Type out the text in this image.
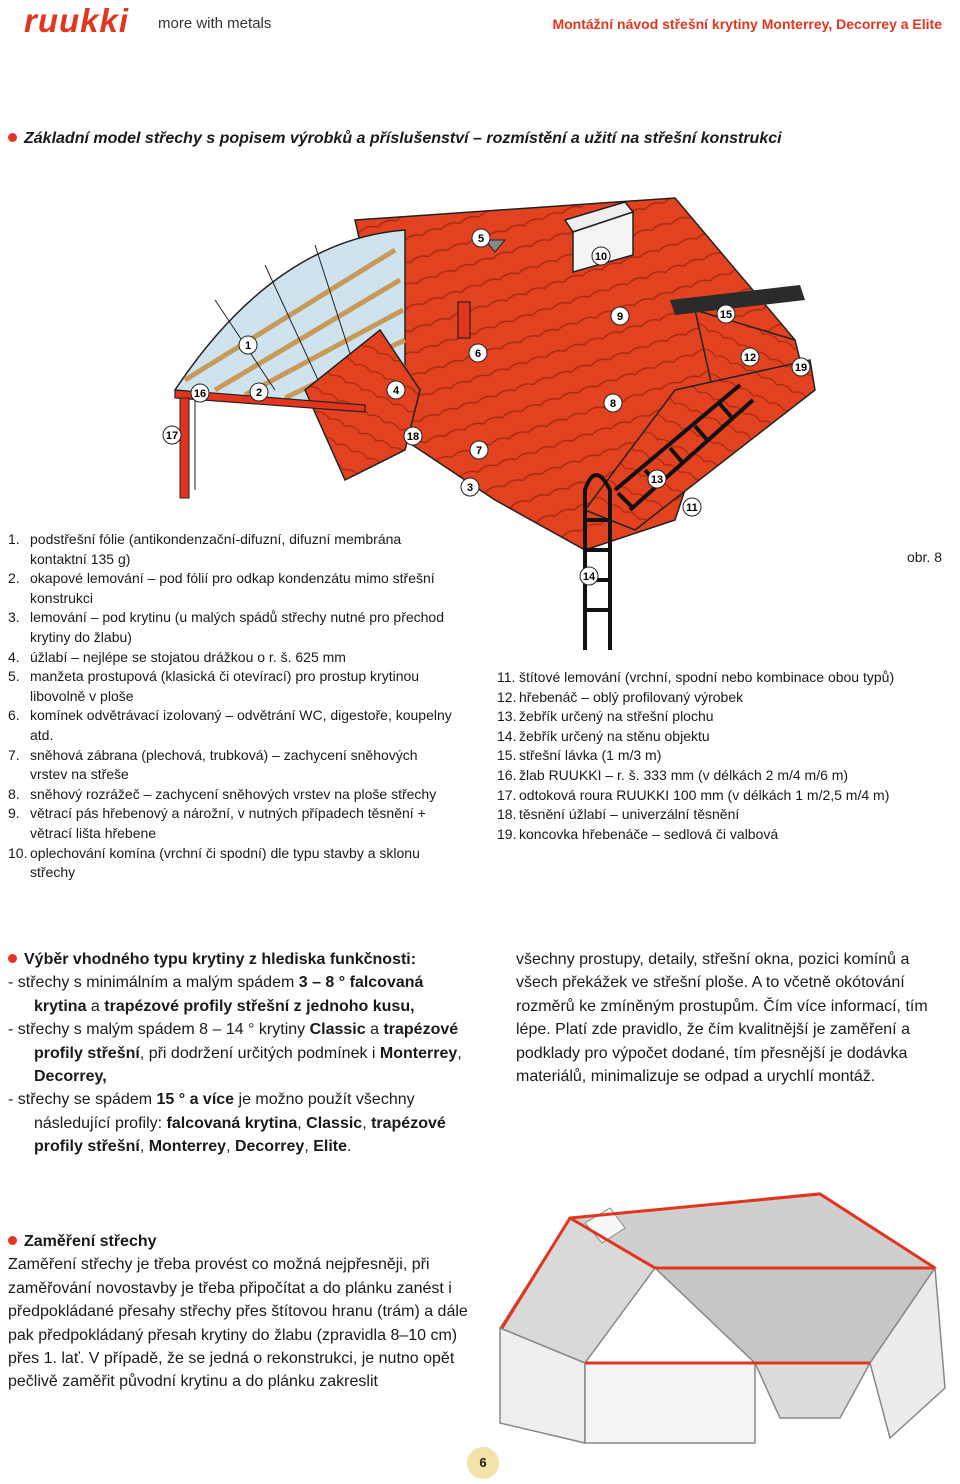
ruukki more with metals	Montážní návod střešní krytiny Monterrey, Decorrey a Elite
Základní model střechy s popisem výrobků a příslušenství – rozmístění a užití na střešní konstrukci
5
10
9	15
1
6	12
19
16	2	4
8
17	18
7
13
3
11
14
obr. 8
1. podstřešní fólie (antikondenzační-difuzní, difuzní membrána kontaktní 135 g)
2. okapové lemování – pod fólií pro odkap kondenzátu mimo střešní konstrukci
3. lemování – pod krytinu (u malých spádů střechy nutné pro přechod krytiny do žlabu)
4. úžlabí – nejlépe se stojatou drážkou o r. š. 625 mm
5. manžeta prostupová (klasická či otevírací) pro prostup krytinou libovolně v ploše
6. komínek odvětrávací izolovaný – odvětrání WC, digestoře, koupelny atd.
7. sněhová zábrana (plechová, trubková) – zachycení sněhových vrstev na střeše
8. sněhový rozrážeč – zachycení sněhových vrstev na ploše střechy
9. větrací pás hřebenový a nárožní, v nutných případech těsnění + větrací lišta hřebene
10. oplechování komína (vrchní či spodní) dle typu stavby a sklonu střechy
11. štítové lemování (vrchní, spodní nebo kombinace obou typů)
12. hřebenáč – oblý profilovaný výrobek
13. žebřík určený na střešní plochu
14. žebřík určený na stěnu objektu
15. střešní lávka (1 m/3 m)
16. žlab RUUKKI – r. š. 333 mm (v délkách 2 m/4 m/6 m)
17. odtoková roura RUUKKI 100 mm (v délkách 1 m/2,5 m/4 m)
18. těsnění úžlabí – univerzální těsnění
19. koncovka hřebenáče – sedlová či valbová
Výběr vhodného typu krytiny z hlediska funkčnosti:
- střechy s minimálním a malým spádem 3 – 8 ° falcovaná krytina a trapézové profily střešní z jednoho kusu,
- střechy s malým spádem 8 – 14 ° krytiny Classic a trapézové profily střešní, při dodržení určitých podmínek i Monterrey, Decorrey,
- střechy se spádem 15 ° a více je možno použít všechny následující profily: falcovaná krytina, Classic, trapézové profily střešní, Monterrey, Decorrey, Elite.
všechny prostupy, detaily, střešní okna, pozici komínů a všech překážek ve střešní ploše. A to včetně okótování rozměrů ke zmíněným prostupům. Čím více informací, tím lépe. Platí zde pravidlo, že čím kvalitnější je zaměření a podklady pro výpočet dodané, tím přesnější je dodávka materiálů, minimalizuje se odpad a urychlí montáž.
Zaměření střechy
Zaměření střechy je třeba provést co možná nejpřesněji, při zaměřování novostavby je třeba připočítat a do plánku zanést i předpokládané přesahy střechy přes štítovou hranu (trám) a dále pak předpokládaný přesah krytiny do žlabu (zpravidla 8–10 cm) přes 1. lať. V případě, že se jedná o rekonstrukci, je nutno opět pečlivě zaměřit původní krytinu a do plánku zakreslit
6
